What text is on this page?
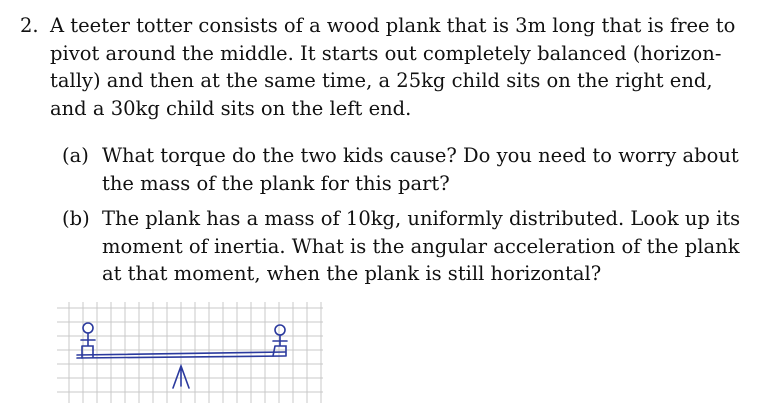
2. A teeter totter consists of a wood plank that is 3m long that is free to
pivot around the middle. It starts out completely balanced (horizon-
tally) and then at the same time, a 25kg child sits on the right end,
and a 30kg child sits on the left end.
(a) What torque do the two kids cause? Do you need to worry about
the mass of the plank for this part?
(b) The plank has a mass of 10kg, uniformly distributed. Look up its
moment of inertia. What is the angular acceleration of the plank
at that moment, when the plank is still horizontal?
